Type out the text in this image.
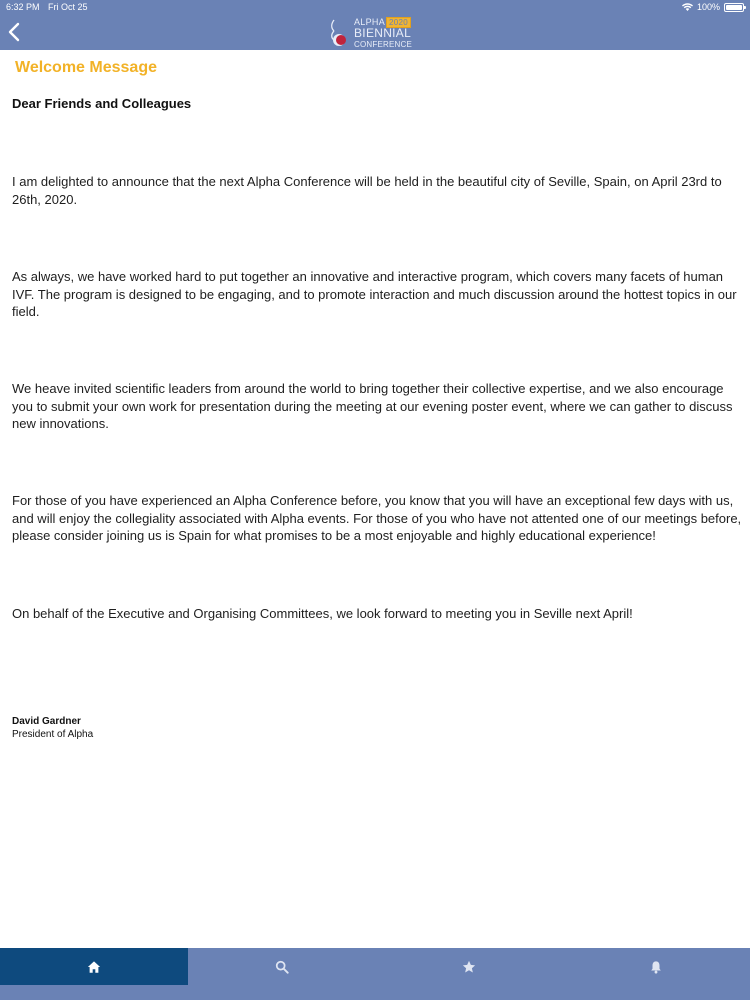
6:32 PM Fri Oct 25	100%
ALPHA 2020
BIENNIAL
CONFERENCE
Welcome Message
Dear Friends and Colleagues

I am delighted to announce that the next Alpha Conference will be held in the beautiful city of Seville, Spain, on April 23rd to 26th, 2020.

As always, we have worked hard to put together an innovative and interactive program, which covers many facets of human IVF. The program is designed to be engaging, and to promote interaction and much discussion around the hottest topics in our field.

We heave invited scientific leaders from around the world to bring together their collective expertise, and we also encourage you to submit your own work for presentation during the meeting at our evening poster event, where we can gather to discuss new innovations.

For those of you have experienced an Alpha Conference before, you know that you will have an exceptional few days with us, and will enjoy the collegiality associated with Alpha events. For those of you who have not attented one of our meetings before, please consider joining us is Spain for what promises to be a most enjoyable and highly educational experience!

On behalf of the Executive and Organising Committees, we look forward to meeting you in Seville next April!

David Gardner
President of Alpha
